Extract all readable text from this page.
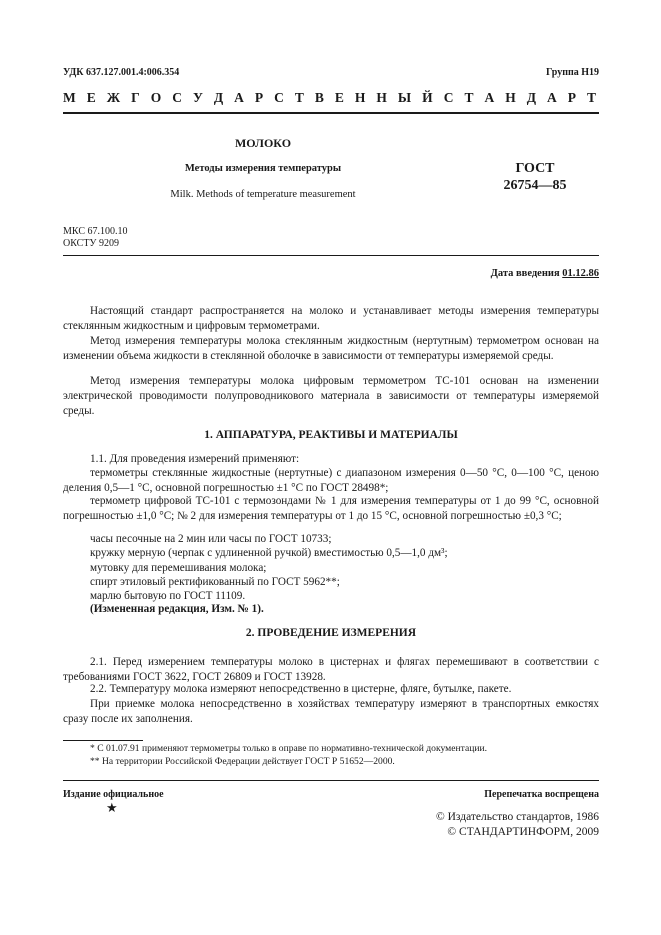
УДК 637.127.001.4:006.354	Группа Н19
М Е Ж Г О С У Д А Р С Т В Е Н Н Ы Й С Т А Н Д А Р Т
МОЛОКО
Методы измерения температуры
Milk. Methods of temperature measurement
ГОСТ
26754—85
МКС 67.100.10
ОКСТУ 9209
Дата введения 01.12.86
Настоящий стандарт распространяется на молоко и устанавливает методы измерения температуры стеклянным жидкостным и цифровым термометрами.
Метод измерения температуры молока стеклянным жидкостным (нертутным) термометром основан на изменении объема жидкости в стеклянной оболочке в зависимости от температуры измеряемой среды.
Метод измерения температуры молока цифровым термометром ТС-101 основан на изменении электрической проводимости полупроводникового материала в зависимости от температуры измеряемой среды.
1. АППАРАТУРА, РЕАКТИВЫ И МАТЕРИАЛЫ
1.1. Для проведения измерений применяют:
термометры стеклянные жидкостные (нертутные) с диапазоном измерения 0—50 °С, 0—100 °С, ценою деления 0,5—1 °С, основной погрешностью ±1 °С по ГОСТ 28498*;
термометр цифровой ТС-101 с термозондами № 1 для измерения температуры от 1 до 99 °С, основной погрешностью ±1,0 °С; № 2 для измерения температуры от 1 до 15 °С, основной погрешностью ±0,3 °С;
часы песочные на 2 мин или часы по ГОСТ 10733;
кружку мерную (черпак с удлиненной ручкой) вместимостью 0,5—1,0 дм³;
мутовку для перемешивания молока;
спирт этиловый ректификованный по ГОСТ 5962**;
марлю бытовую по ГОСТ 11109.
(Измененная редакция, Изм. № 1).
2. ПРОВЕДЕНИЕ ИЗМЕРЕНИЯ
2.1. Перед измерением температуры молоко в цистернах и флягах перемешивают в соответствии с требованиями ГОСТ 3622, ГОСТ 26809 и ГОСТ 13928.
2.2. Температуру молока измеряют непосредственно в цистерне, фляге, бутылке, пакете.
При приемке молока непосредственно в хозяйствах температуру измеряют в транспортных емкостях сразу после их заполнения.
* С 01.07.91 применяют термометры только в оправе по нормативно-технической документации.
** На территории Российской Федерации действует ГОСТ Р 51652—2000.
Издание официальное
★
Перепечатка воспрещена
© Издательство стандартов, 1986
© СТАНДАРТИНФОРМ, 2009
